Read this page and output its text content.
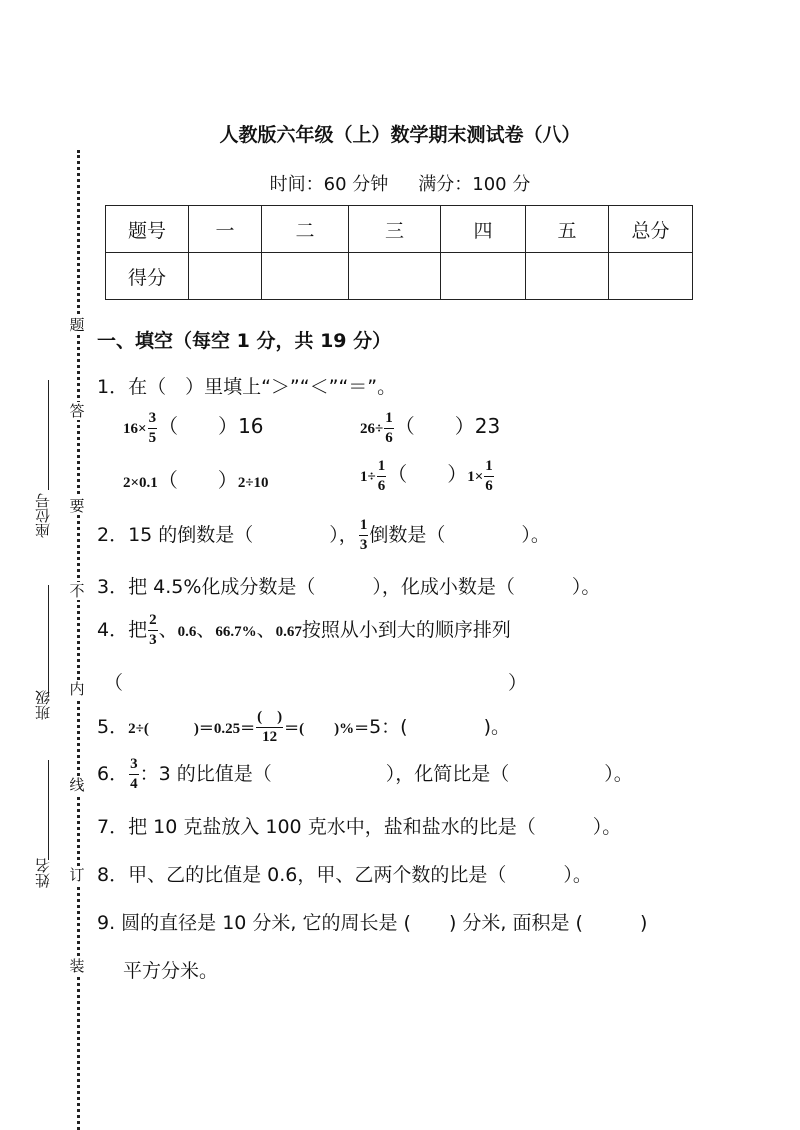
题
答
要
不
内
线
订
装
座位号
班级
姓名
人教版六年级（上）数学期末测试卷（八）
时间：60 分钟 满分：100 分
题号	一	二	三	四	五	总分
得分						
一、填空（每空 1 分，共 19 分）
1．在（　）里填上“＞”“＜”“＝”。
$16\times \frac{3}{5}$ （　　）16	$26\div \frac{1}{6}$ （　　）23
2×0.1（　　）2÷10	$1\div \frac{1}{6}$ （　　）$1\times \frac{1}{6}$
2．15 的倒数是（　　　　）， $\frac{1}{3}$ 倒数是（　　　　）。
3．把 4.5%化成分数是（　　　），化成小数是（　　　）。
4．把 $\frac{2}{3}$ 、0.6、66.7%、0.67按照从小到大的顺序排列
（	）
5．2÷(　　　)$=0.25= \frac{( )}{12}$ ＝(　　)%＝5：(　　　　)。
6． $\frac{3}{4}$ ：3 的比值是（　　　　　　），化简比是（　　　　　）。
7．把 10 克盐放入 100 克水中，盐和盐水的比是（　　　）。
8．甲、乙的比值是 0.6，甲、乙两个数的比是（　　　）。
9. 圆的直径是 10 分米, 它的周长是 (　　) 分米, 面积是 (　　　)
平方分米。
